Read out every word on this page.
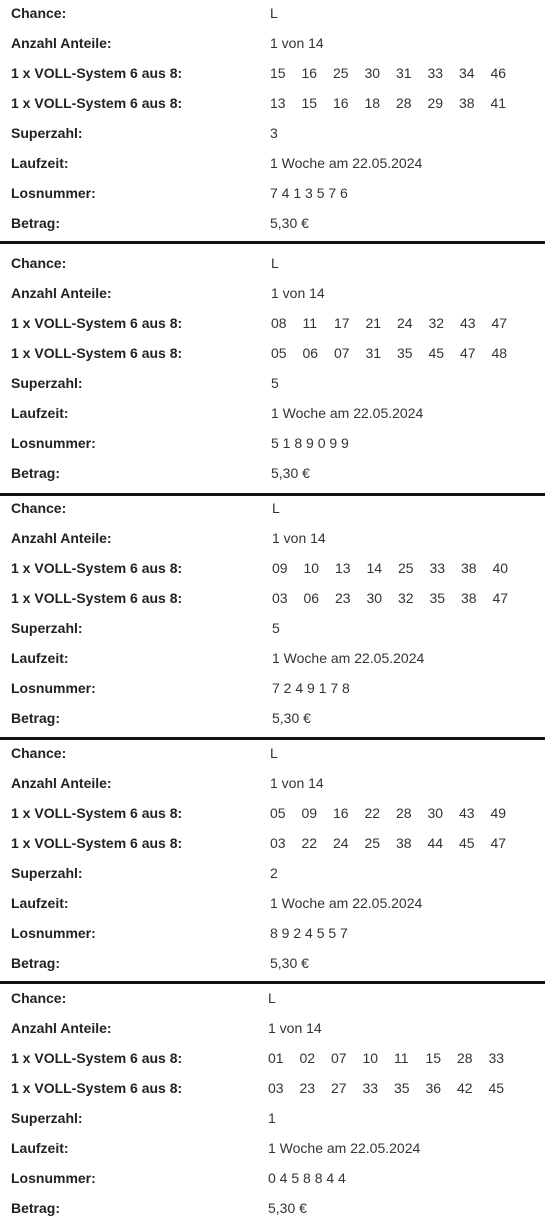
Chance:	L
Anzahl Anteile:	1 von 14
1 x VOLL-System 6 aus 8:	15 16 25 30 31 33 34 46
1 x VOLL-System 6 aus 8:	13 15 16 18 28 29 38 41
Superzahl:	3
Laufzeit:	1 Woche am 22.05.2024
Losnummer:	7 4 1 3 5 7 6
Betrag:	5,30 €
Chance:	L
Anzahl Anteile:	1 von 14
1 x VOLL-System 6 aus 8:	08 11 17 21 24 32 43 47
1 x VOLL-System 6 aus 8:	05 06 07 31 35 45 47 48
Superzahl:	5
Laufzeit:	1 Woche am 22.05.2024
Losnummer:	5 1 8 9 0 9 9
Betrag:	5,30 €
Chance:	L
Anzahl Anteile:	1 von 14
1 x VOLL-System 6 aus 8:	09 10 13 14 25 33 38 40
1 x VOLL-System 6 aus 8:	03 06 23 30 32 35 38 47
Superzahl:	5
Laufzeit:	1 Woche am 22.05.2024
Losnummer:	7 2 4 9 1 7 8
Betrag:	5,30 €
Chance:	L
Anzahl Anteile:	1 von 14
1 x VOLL-System 6 aus 8:	05 09 16 22 28 30 43 49
1 x VOLL-System 6 aus 8:	03 22 24 25 38 44 45 47
Superzahl:	2
Laufzeit:	1 Woche am 22.05.2024
Losnummer:	8 9 2 4 5 5 7
Betrag:	5,30 €
Chance:	L
Anzahl Anteile:	1 von 14
1 x VOLL-System 6 aus 8:	01 02 07 10 11 15 28 33
1 x VOLL-System 6 aus 8:	03 23 27 33 35 36 42 45
Superzahl:	1
Laufzeit:	1 Woche am 22.05.2024
Losnummer:	0 4 5 8 8 4 4
Betrag:	5,30 €
